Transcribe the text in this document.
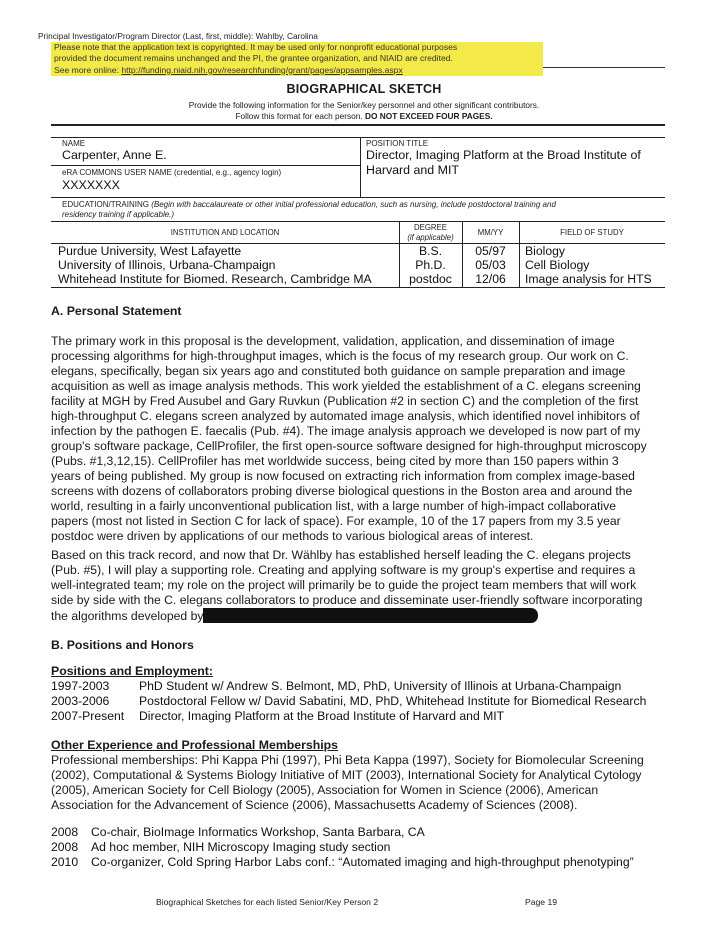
Principal Investigator/Program Director (Last, first, middle): Wahlby, Carolina
Please note that the application text is copyrighted. It may be used only for nonprofit educational purposes
provided the document remains unchanged and the PI, the grantee organization, and NIAID are credited.
See more online: http://funding.niaid.nih.gov/researchfunding/grant/pages/appsamples.aspx
BIOGRAPHICAL SKETCH
Provide the following information for the Senior/key personnel and other significant contributors.
Follow this format for each person. DO NOT EXCEED FOUR PAGES.
NAME
Carpenter, Anne E.
POSITION TITLE
Director, Imaging Platform at the Broad Institute of
Harvard and MIT
eRA COMMONS USER NAME (credential, e.g., agency login)
XXXXXXX
EDUCATION/TRAINING (Begin with baccalaureate or other initial professional education, such as nursing, include postdoctoral training and
residency training if applicable.)
INSTITUTION AND LOCATION
DEGREE
(if applicable)
MM/YY	FIELD OF STUDY
Purdue University, West Lafayette	B.S.	05/97	Biology
University of Illinois, Urbana-Champaign	Ph.D.	05/03	Cell Biology
Whitehead Institute for Biomed. Research, Cambridge MA	postdoc	12/06	Image analysis for HTS
A. Personal Statement

The primary work in this proposal is the development, validation, application, and dissemination of image

processing algorithms for high-throughput images, which is the focus of my research group. Our work on C.

elegans, specifically, began six years ago and constituted both guidance on sample preparation and image

acquisition as well as image analysis methods. This work yielded the establishment of a C. elegans screening

facility at MGH by Fred Ausubel and Gary Ruvkun (Publication #2 in section C) and the completion of the first

high-throughput C. elegans screen analyzed by automated image analysis, which identified novel inhibitors of

infection by the pathogen E. faecalis (Pub. #4). The image analysis approach we developed is now part of my

group's software package, CellProfiler, the first open-source software designed for high-throughput microscopy

(Pubs. #1,3,12,15). CellProfiler has met worldwide success, being cited by more than 150 papers within 3

years of being published. My group is now focused on extracting rich information from complex image-based

screens with dozens of collaborators probing diverse biological questions in the Boston area and around the

world, resulting in a fairly unconventional publication list, with a large number of high-impact collaborative

papers (most not listed in Section C for lack of space). For example, 10 of the 17 papers from my 3.5 year

postdoc were driven by applications of our methods to various biological areas of interest.

Based on this track record, and now that Dr. Wählby has established herself leading the C. elegans projects

(Pub. #5), I will play a supporting role. Creating and applying software is my group's expertise and requires a

well-integrated team; my role on the project will primarily be to guide the project team members that will work

side by side with the C. elegans collaborators to produce and disseminate user-friendly software incorporating

the algorithms developed by

B. Positions and Honors
Positions and Employment:
1997-2003 PhD Student w/ Andrew S. Belmont, MD, PhD, University of Illinois at Urbana-Champaign
2003-2006 Postdoctoral Fellow w/ David Sabatini, MD, PhD, Whitehead Institute for Biomedical Research
2007-Present Director, Imaging Platform at the Broad Institute of Harvard and MIT
Other Experience and Professional Memberships

Professional memberships: Phi Kappa Phi (1997), Phi Beta Kappa (1997), Society for Biomolecular Screening

(2002), Computational & Systems Biology Initiative of MIT (2003), International Society for Analytical Cytology

(2005), American Society for Cell Biology (2005), Association for Women in Science (2006), American

Association for the Advancement of Science (2006), Massachusetts Academy of Sciences (2008).

2008 Co-chair, BioImage Informatics Workshop, Santa Barbara, CA
2008 Ad hoc member, NIH Microscopy Imaging study section
2010 Co-organizer, Cold Spring Harbor Labs conf.: “Automated imaging and high-throughput phenotyping”
Biographical Sketches for each listed Senior/Key Person 2	Page 19
